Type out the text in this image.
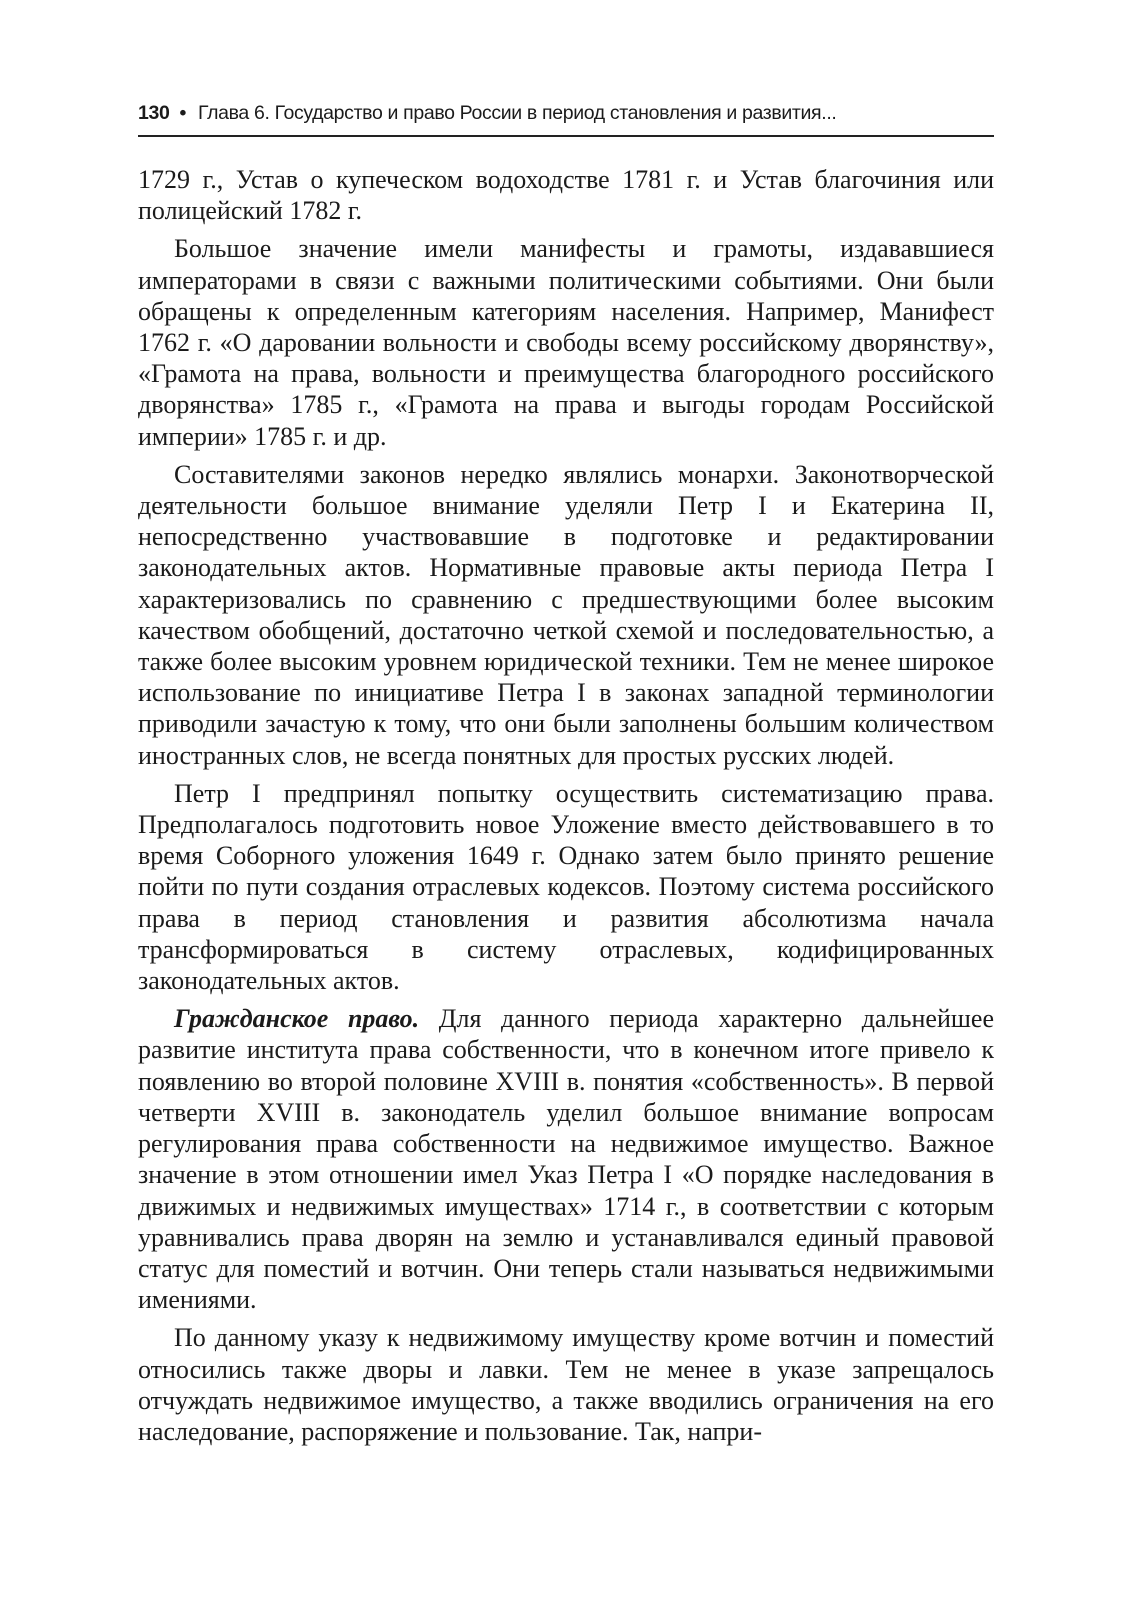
130 • Глава 6. Государство и право России в период становления и развития...

1729 г., Устав о купеческом водоходстве 1781 г. и Устав благочиния или полицейский 1782 г.

Большое значение имели манифесты и грамоты, издававшиеся императорами в связи с важными политическими событиями. Они были обращены к определенным категориям населения. Например, Манифест 1762 г. «О даровании вольности и свободы всему российскому дворянству», «Грамота на права, вольности и преимущества благородного российского дворянства» 1785 г., «Грамота на права и выгоды городам Российской империи» 1785 г. и др.

Составителями законов нередко являлись монархи. Законотворческой деятельности большое внимание уделяли Петр I и Екатерина II, непосредственно участвовавшие в подготовке и редактировании законодательных актов. Нормативные правовые акты периода Петра I характеризовались по сравнению с предшествующими более высоким качеством обобщений, достаточно четкой схемой и последовательностью, а также более высоким уровнем юридической техники. Тем не менее широкое использование по инициативе Петра I в законах западной терминологии приводили зачастую к тому, что они были заполнены большим количеством иностранных слов, не всегда понятных для простых русских людей.

Петр I предпринял попытку осуществить систематизацию права. Предполагалось подготовить новое Уложение вместо действовавшего в то время Соборного уложения 1649 г. Однако затем было принято решение пойти по пути создания отраслевых кодексов. Поэтому система российского права в период становления и развития абсолютизма начала трансформироваться в систему отраслевых, кодифицированных законодательных актов.

Гражданское право. Для данного периода характерно дальнейшее развитие института права собственности, что в конечном итоге привело к появлению во второй половине XVIII в. понятия «собственность». В первой четверти XVIII в. законодатель уделил большое внимание вопросам регулирования права собственности на недвижимое имущество. Важное значение в этом отношении имел Указ Петра I «О порядке наследования в движимых и недвижимых имуществах» 1714 г., в соответствии с которым уравнивались права дворян на землю и устанавливался единый правовой статус для поместий и вотчин. Они теперь стали называться недвижимыми имениями.

По данному указу к недвижимому имуществу кроме вотчин и поместий относились также дворы и лавки. Тем не менее в указе запрещалось отчуждать недвижимое имущество, а также вводились ограничения на его наследование, распоряжение и пользование. Так, напри-
